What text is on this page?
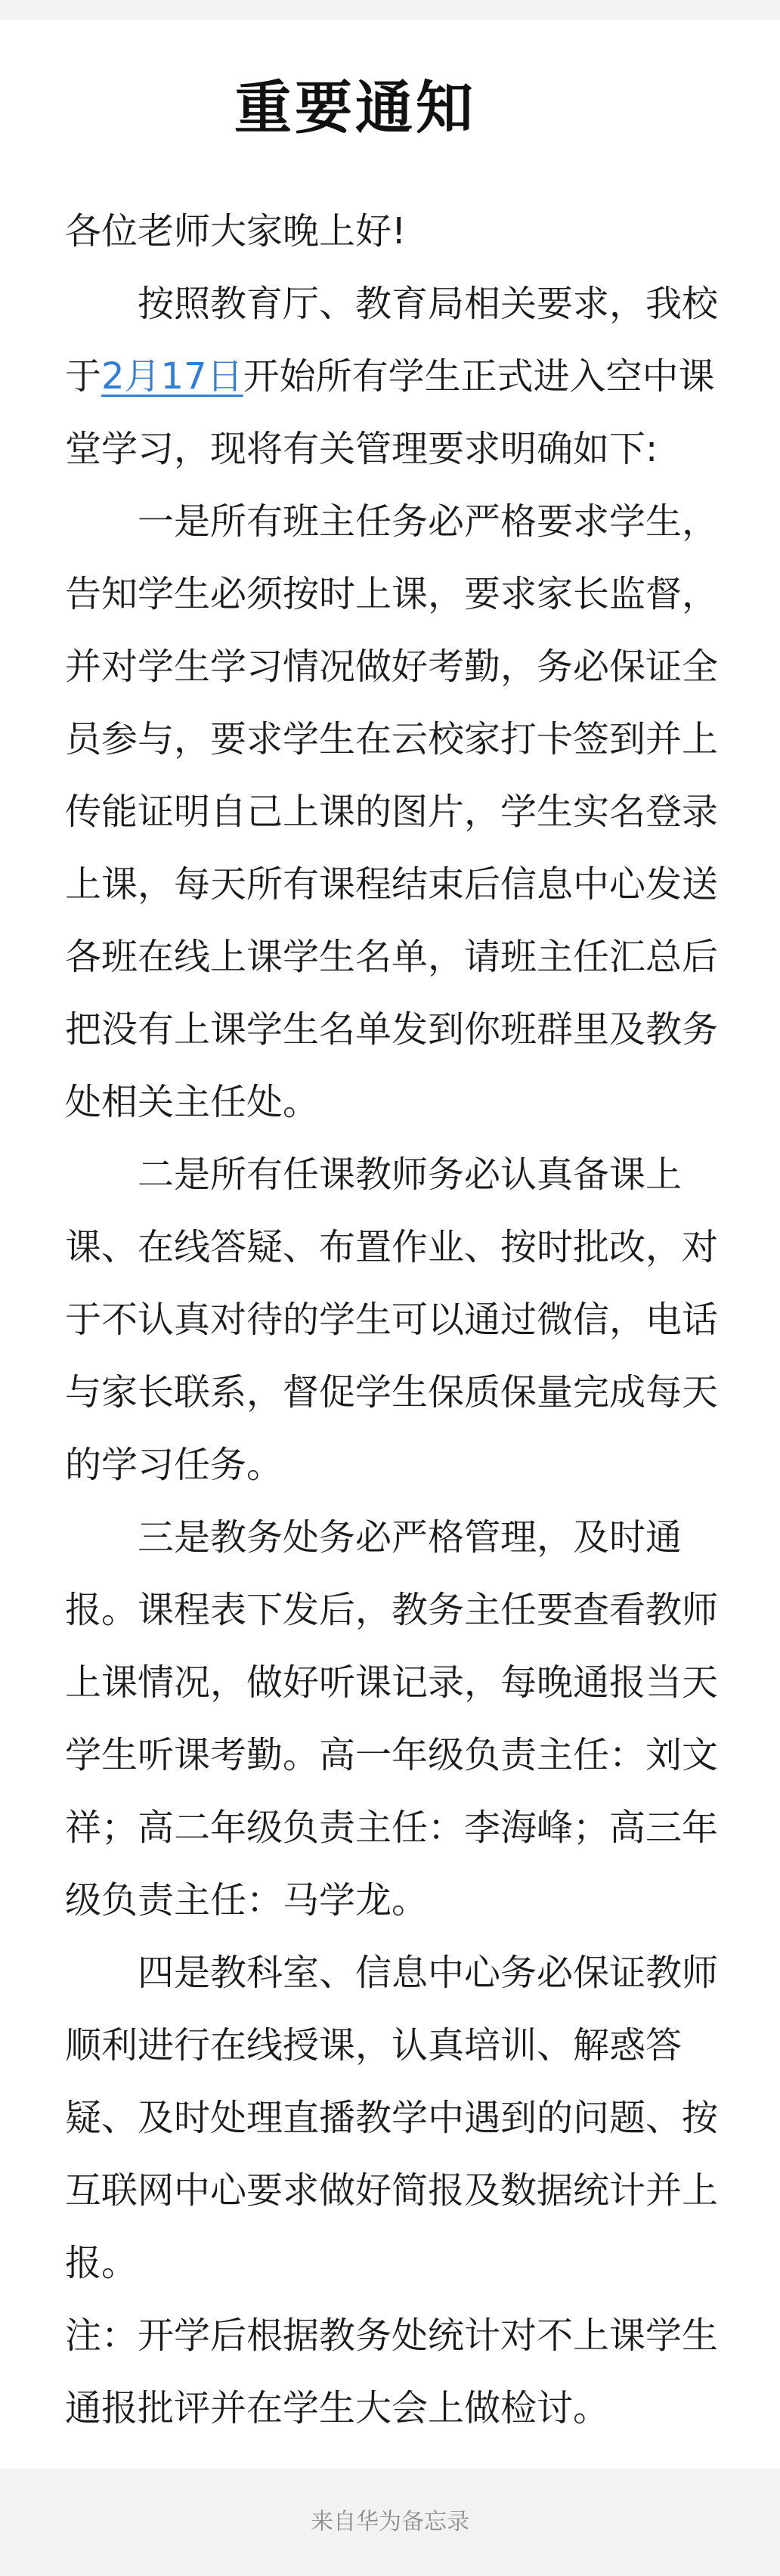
重要通知

各位老师大家晚上好!

按照教育厅、教育局相关要求，我校于2月17日开始所有学生正式进入空中课堂学习，现将有关管理要求明确如下:

一是所有班主任务必严格要求学生，告知学生必须按时上课，要求家长监督，并对学生学习情况做好考勤，务必保证全员参与，要求学生在云校家打卡签到并上传能证明自己上课的图片，学生实名登录上课，每天所有课程结束后信息中心发送各班在线上课学生名单，请班主任汇总后把没有上课学生名单发到你班群里及教务处相关主任处。

二是所有任课教师务必认真备课上课、在线答疑、布置作业、按时批改，对于不认真对待的学生可以通过微信，电话与家长联系，督促学生保质保量完成每天的学习任务。

三是教务处务必严格管理，及时通报。课程表下发后，教务主任要查看教师上课情况，做好听课记录，每晚通报当天学生听课考勤。高一年级负责主任：刘文祥；高二年级负责主任：李海峰；高三年级负责主任：马学龙。

四是教科室、信息中心务必保证教师顺利进行在线授课，认真培训、解惑答疑、及时处理直播教学中遇到的问题、按互联网中心要求做好简报及数据统计并上报。

注：开学后根据教务处统计对不上课学生通报批评并在学生大会上做检讨。

来自华为备忘录
